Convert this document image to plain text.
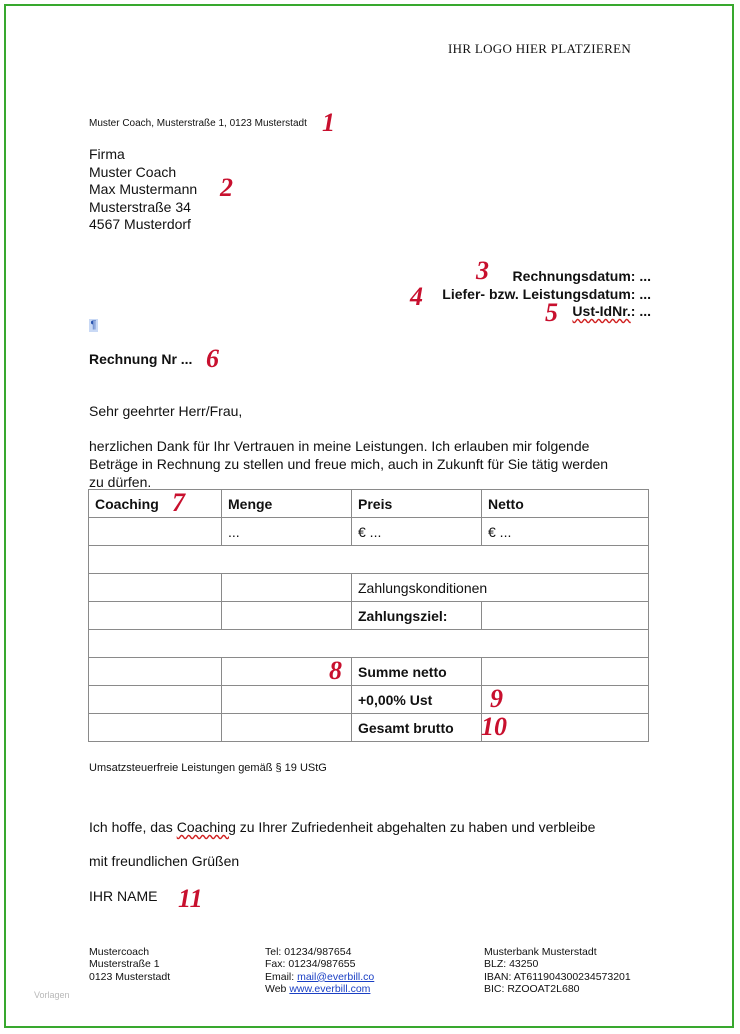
IHR LOGO HIER PLATZIEREN
Muster Coach, Musterstraße 1, 0123 Musterstadt 1
Firma
Muster Coach
Max Mustermann
Musterstraße 34
4567 Musterdorf
2
Rechnungsdatum: ...
Liefer- bzw. Leistungsdatum: ...
Ust-IdNr.: ...
3
4
5
¶
Rechnung Nr ... 6
Sehr geehrter Herr/Frau,
herzlichen Dank für Ihr Vertrauen in meine Leistungen. Ich erlauben mir folgende
Beträge in Rechnung zu stellen und freue mich, auch in Zukunft für Sie tätig werden
zu dürfen.
Coaching	Menge	Preis	Netto
	...	€ ...	€ ...

		Zahlungskonditionen	
		Zahlungsziel:	

		Summe netto	
		+0,00% Ust	
		Gesamt brutto	
7
8
9
10
Umsatzsteuerfreie Leistungen gemäß § 19 UStG
Ich hoffe, das Coaching zu Ihrer Zufriedenheit abgehalten zu haben und verbleibe
mit freundlichen Grüßen
IHR NAME 11
Mustercoach
Musterstraße 1
0123 Musterstadt
Tel: 01234/987654
Fax: 01234/987655
Email: mail@everbill.co
Web www.everbill.com
Musterbank Musterstadt
BLZ: 43250
IBAN: AT611904300234573201
BIC: RZOOAT2L680
Vorlagen
